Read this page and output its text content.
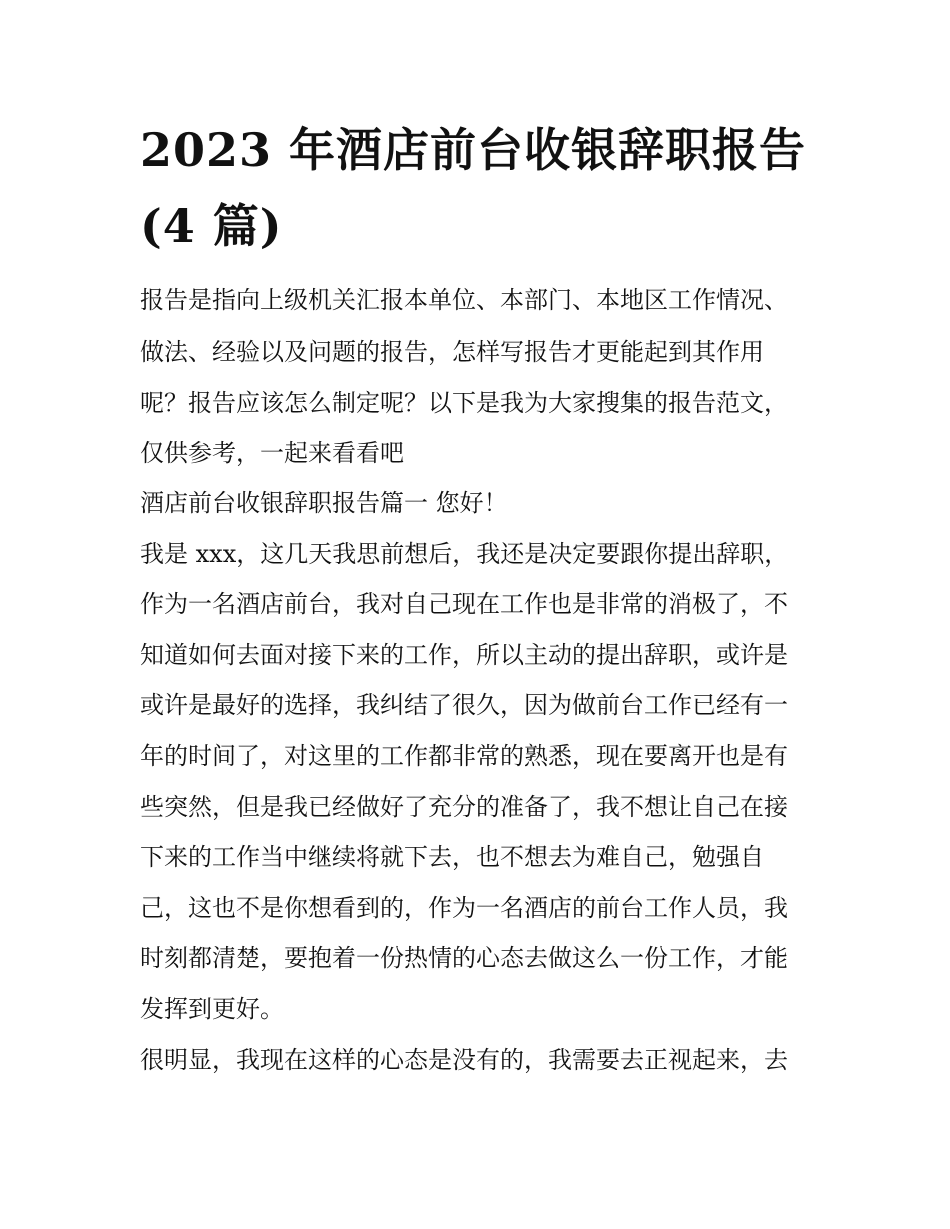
2023 年酒店前台收银辞职报告
(4 篇)
报告是指向上级机关汇报本单位、本部门、本地区工作情况、
做法、经验以及问题的报告，怎样写报告才更能起到其作用
呢？报告应该怎么制定呢？以下是我为大家搜集的报告范文，
仅供参考，一起来看看吧
酒店前台收银辞职报告篇一 您好！
我是 xxx，这几天我思前想后，我还是决定要跟你提出辞职，
作为一名酒店前台，我对自己现在工作也是非常的消极了，不
知道如何去面对接下来的工作，所以主动的提出辞职，或许是
或许是最好的选择，我纠结了很久，因为做前台工作已经有一
年的时间了，对这里的工作都非常的熟悉，现在要离开也是有
些突然，但是我已经做好了充分的准备了，我不想让自己在接
下来的工作当中继续将就下去，也不想去为难自己，勉强自
己，这也不是你想看到的，作为一名酒店的前台工作人员，我
时刻都清楚，要抱着一份热情的心态去做这么一份工作，才能
发挥到更好。
很明显，我现在这样的心态是没有的，我需要去正视起来，去
